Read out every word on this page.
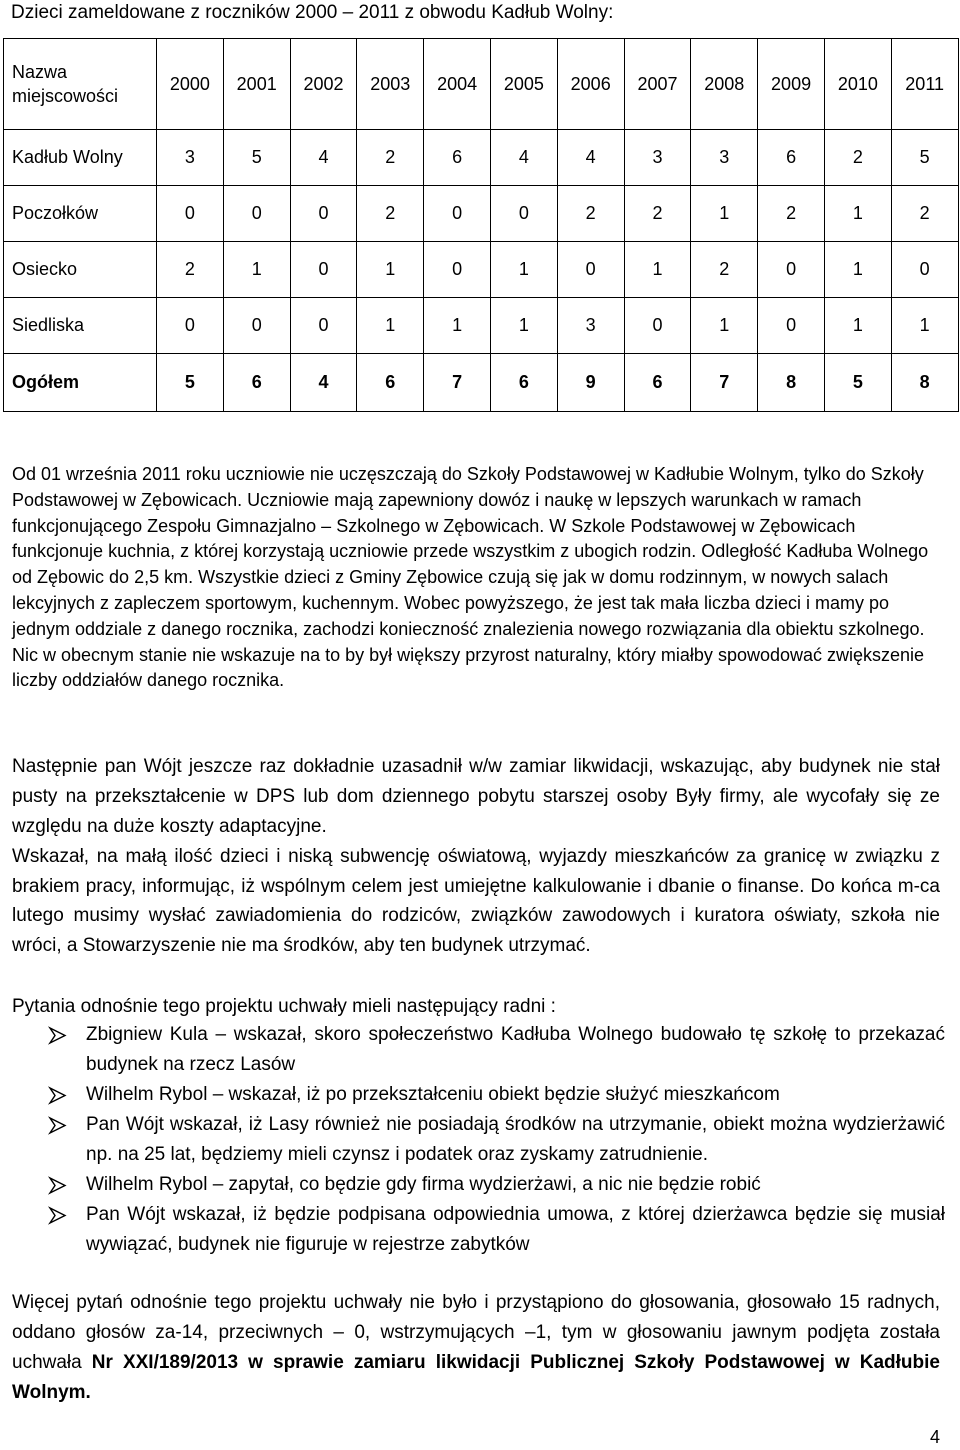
Dzieci zameldowane z roczników 2000 – 2011 z obwodu Kadłub Wolny:

Nazwa miejscowości	2000	2001	2002	2003	2004	2005	2006	2007	2008	2009	2010	2011
Kadłub Wolny	3	5	4	2	6	4	4	3	3	6	2	5
Poczołków	0	0	0	2	0	0	2	2	1	2	1	2
Osiecko	2	1	0	1	0	1	0	1	2	0	1	0
Siedliska	0	0	0	1	1	1	3	0	1	0	1	1
Ogółem	5	6	4	6	7	6	9	6	7	8	5	8

Od 01 września 2011 roku uczniowie nie uczęszczają do Szkoły Podstawowej w Kadłubie Wolnym, tylko do Szkoły Podstawowej w Zębowicach. Uczniowie mają zapewniony dowóz i naukę w lepszych warunkach w ramach funkcjonującego Zespołu Gimnazjalno – Szkolnego w Zębowicach. W Szkole Podstawowej w Zębowicach funkcjonuje kuchnia, z której korzystają uczniowie przede wszystkim z ubogich rodzin. Odległość Kadłuba Wolnego od Zębowic do 2,5 km. Wszystkie dzieci z Gminy Zębowice czują się jak w domu rodzinnym, w nowych salach lekcyjnych z zapleczem sportowym, kuchennym. Wobec powyższego, że jest tak mała liczba dzieci i mamy po jednym oddziale z danego rocznika, zachodzi konieczność znalezienia nowego rozwiązania dla obiektu szkolnego. Nic w obecnym stanie nie wskazuje na to by był większy przyrost naturalny, który miałby spowodować zwiększenie liczby oddziałów danego rocznika.

Następnie pan Wójt jeszcze raz dokładnie uzasadnił w/w zamiar likwidacji, wskazując, aby budynek nie stał pusty na przekształcenie w DPS lub dom dziennego pobytu starszej osoby Były firmy, ale wycofały się ze względu na duże koszty adaptacyjne.

Wskazał, na małą ilość dzieci i niską subwencję oświatową, wyjazdy mieszkańców za granicę w związku z brakiem pracy, informując, iż wspólnym celem jest umiejętne kalkulowanie i dbanie o finanse. Do końca m-ca lutego musimy wysłać zawiadomienia do rodziców, związków zawodowych i kuratora oświaty, szkoła nie wróci, a Stowarzyszenie nie ma środków, aby ten budynek utrzymać.

Pytania odnośnie tego projektu uchwały mieli następujący radni :

Zbigniew Kula – wskazał, skoro społeczeństwo Kadłuba Wolnego budowało tę szkołę to przekazać budynek na rzecz Lasów
Wilhelm Rybol – wskazał, iż po przekształceniu obiekt będzie służyć mieszkańcom
Pan Wójt wskazał, iż Lasy również nie posiadają środków na utrzymanie, obiekt można wydzierżawić np. na 25 lat, będziemy mieli czynsz i podatek oraz zyskamy zatrudnienie.
Wilhelm Rybol – zapytał, co będzie gdy firma wydzierżawi, a nic nie będzie robić
Pan Wójt wskazał, iż będzie podpisana odpowiednia umowa, z której dzierżawca będzie się musiał wywiązać, budynek nie figuruje w rejestrze zabytków

Więcej pytań odnośnie tego projektu uchwały nie było i przystąpiono do głosowania, głosowało 15 radnych, oddano głosów za-14, przeciwnych – 0, wstrzymujących –1, tym w głosowaniu jawnym podjęta została uchwała Nr XXI/189/2013 w sprawie zamiaru likwidacji Publicznej Szkoły Podstawowej w Kadłubie Wolnym.

4
